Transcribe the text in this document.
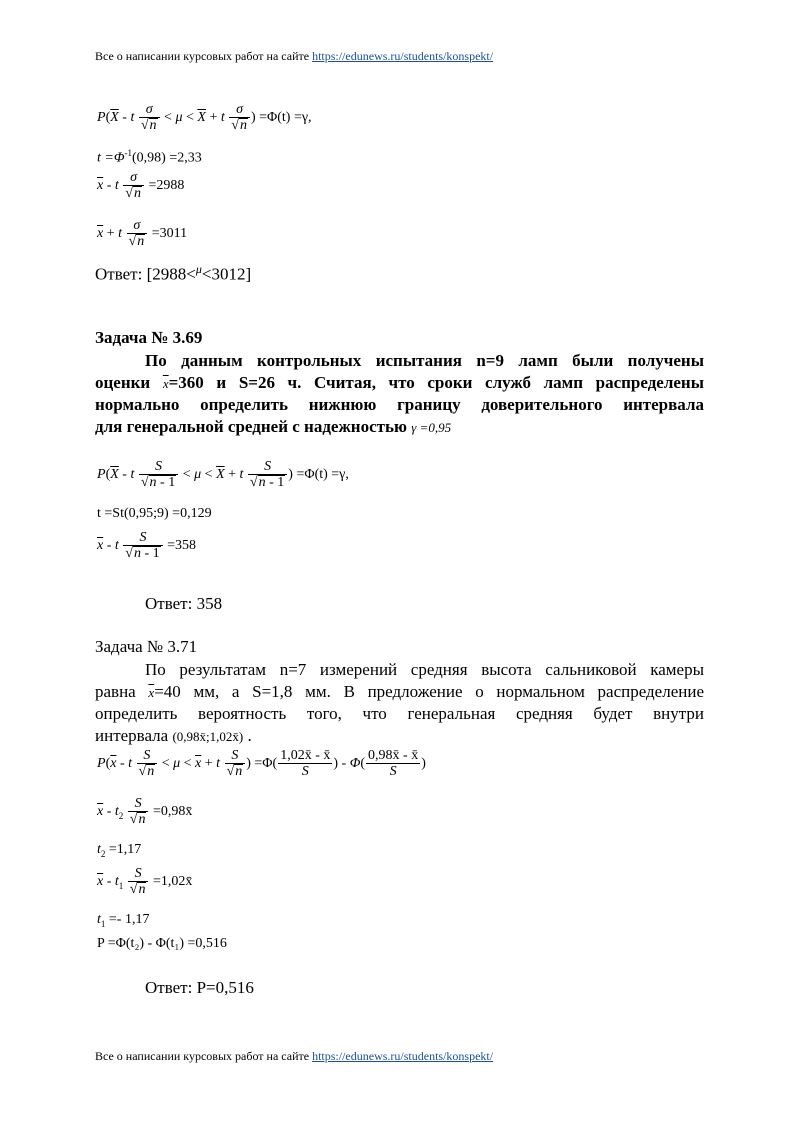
Все о написании курсовых работ на сайте https://edunews.ru/students/konspekt/
$P(\overline{X} - t \frac{\sigma}{√n} < \mu < \overline{X} + t \frac{\sigma}{√n}$ ) =Φ(t) =γ,
$t =\Phi^{-1}(0,98) =2,33$
$\overline{x} - t \frac{\sigma}{√n} =2988$
$\overline{x} + t \frac{\sigma}{√n} =3011$
Ответ: [2988<$^\mu$<3012]
Задача № 3.69
По данным контрольных испытания n=9 ламп были получены
оценки $\overline{x}=360$ и S=26 ч. Считая, что сроки служб ламп распределены
нормально определить нижнюю границу доверительного интервала
для генеральной средней с надежностью γ =0,95
$P(\overline{X} - t \frac{S}{√n - 1} < \mu < \overline{X} + t \frac{S}{√n - 1}$ ) =Φ(t) =γ,
t =St(0,95;9) =0,129
$\overline{x} - t \frac{S}{√n - 1} =358$
Ответ: 358
Задача № 3.71
По результатам n=7 измерений средняя высота сальниковой камеры
равна $\overline{x}=40$ мм, а S=1,8 мм. В предложение о нормальном распределение
определить вероятность того, что генеральная средняя будет внутри
интервала (0,98x̄;1,02x̄) .
$P(\overline{x} - t \frac{S}{√n} < \mu < \overline{x} + t \frac{S}{√n}$ ) $=\Phi( \frac{1,02x̄ - x̄}{S}$ ) - $\Phi( \frac{0,98x̄ - x̄}{S}$ )
$\overline{x} - t_2 \frac{S}{√n}$ =0,98x̄
$t_2 =1,17$
$\overline{x} - t_1 \frac{S}{√n}$ =1,02x̄
$t_1 =- 1,17$
P =Φ(t₂) - Φ(t₁) =0,516
Ответ: P=0,516
Все о написании курсовых работ на сайте https://edunews.ru/students/konspekt/
